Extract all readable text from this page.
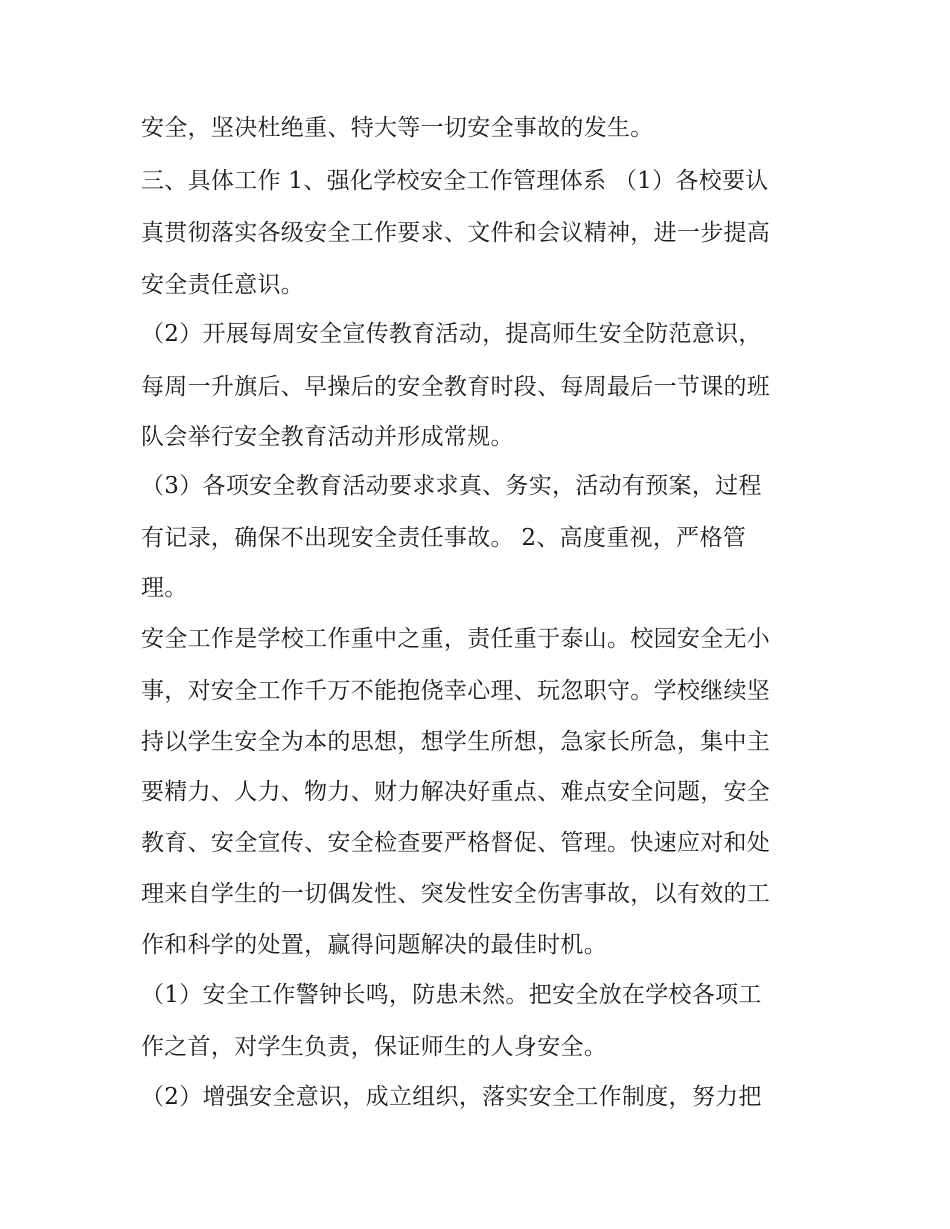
安全，坚决杜绝重、特大等一切安全事故的发生。
三、具体工作 1、强化学校安全工作管理体系 （1）各校要认
真贯彻落实各级安全工作要求、文件和会议精神，进一步提高
安全责任意识。
（2）开展每周安全宣传教育活动，提高师生安全防范意识，
每周一升旗后、早操后的安全教育时段、每周最后一节课的班
队会举行安全教育活动并形成常规。
（3）各项安全教育活动要求求真、务实，活动有预案，过程
有记录，确保不出现安全责任事故。 2、高度重视，严格管
理。
安全工作是学校工作重中之重，责任重于泰山。校园安全无小
事，对安全工作千万不能抱侥幸心理、玩忽职守。学校继续坚
持以学生安全为本的思想，想学生所想，急家长所急，集中主
要精力、人力、物力、财力解决好重点、难点安全问题，安全
教育、安全宣传、安全检查要严格督促、管理。快速应对和处
理来自学生的一切偶发性、突发性安全伤害事故，以有效的工
作和科学的处置，赢得问题解决的最佳时机。
（1）安全工作警钟长鸣，防患未然。把安全放在学校各项工
作之首，对学生负责，保证师生的人身安全。
（2）增强安全意识，成立组织，落实安全工作制度，努力把
